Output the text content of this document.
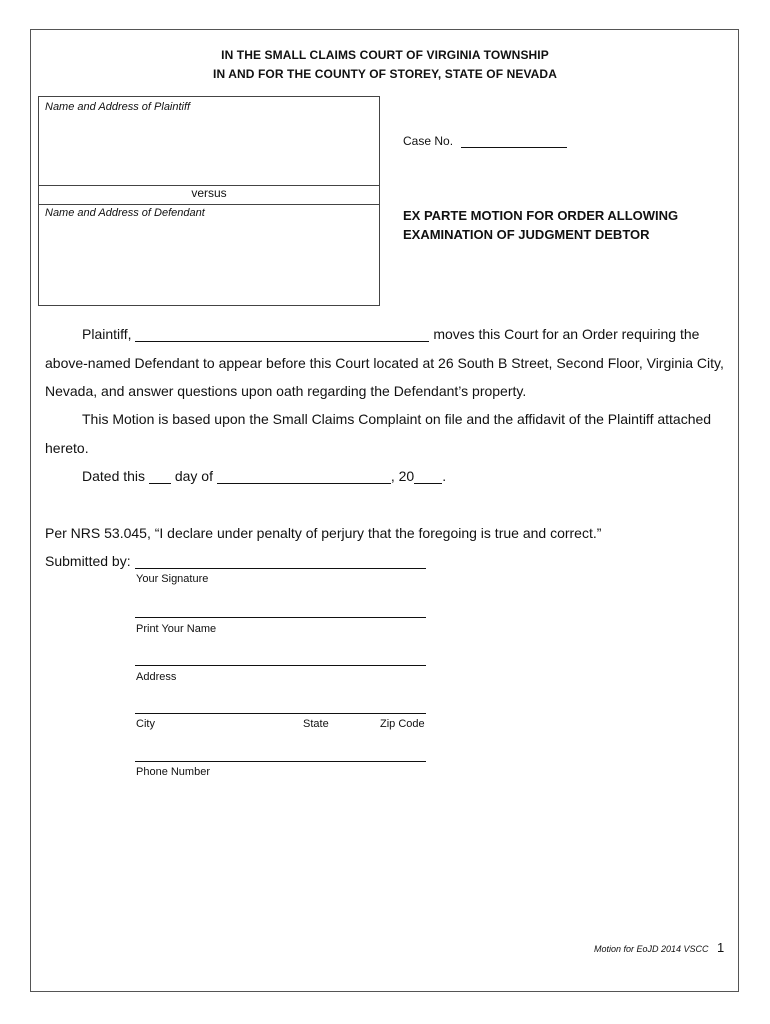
IN THE SMALL CLAIMS COURT OF VIRGINIA TOWNSHIP
IN AND FOR THE COUNTY OF STOREY, STATE OF NEVADA
Name and Address of Plaintiff
versus
Name and Address of Defendant
Case No.
EX PARTE MOTION FOR ORDER ALLOWING
EXAMINATION OF JUDGMENT DEBTOR
Plaintiff,	moves this Court for an Order requiring the
above-named Defendant to appear before this Court located at 26 South B Street, Second Floor, Virginia City,
Nevada, and answer questions upon oath regarding the Defendant’s property.
This Motion is based upon the Small Claims Complaint on file and the affidavit of the Plaintiff attached
hereto.
Dated this day of	, 20 .
Per NRS 53.045, “I declare under penalty of perjury that the foregoing is true and correct.”
Submitted by:
Your Signature
Print Your Name
Address
City	State	Zip Code
Phone Number
Motion for EoJD 2014 VSCC 1
